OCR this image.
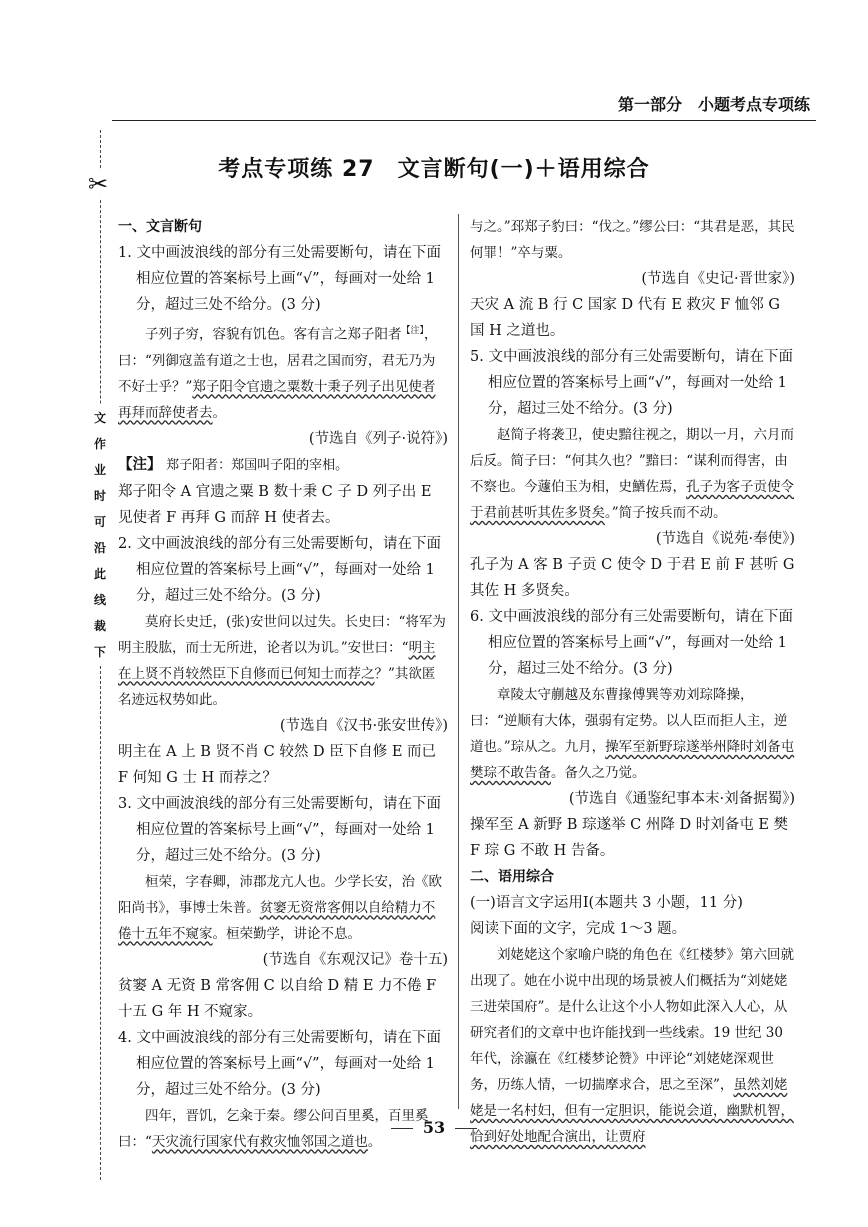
第一部分　小题考点专项练
考点专项练 27　文言断句(一)＋语用综合
✂
文
作
业
时
可
沿
此
线
裁
下

一、文言断句

1. 文中画波浪线的部分有三处需要断句，请在下面相应位置的答案标号上画“√”，每画对一处给 1 分，超过三处不给分。(3 分)

子列子穷，容貌有饥色。客有言之郑子阳者$^{【注】}$，曰：“列御寇盖有道之士也，居君之国而穷，君无乃为不好士乎？”郑子阳令官遗之粟数十秉子列子出见使者再拜而辞使者去。

(节选自《列子·说符》)

【注】 郑子阳者：郑国叫子阳的宰相。

郑子阳令 A 官遗之粟 B 数十秉 C 子 D 列子出 E 见使者 F 再拜 G 而辞 H 使者去。

2. 文中画波浪线的部分有三处需要断句，请在下面相应位置的答案标号上画“√”，每画对一处给 1 分，超过三处不给分。(3 分)

莫府长史迁，(张)安世问以过失。长史曰：“将军为明主股肱，而士无所进，论者以为讥。”安世曰：“明主在上贤不肖较然臣下自修而已何知士而荐之？”其欲匿名迹远权势如此。

(节选自《汉书·张安世传》)

明主在 A 上 B 贤不肖 C 较然 D 臣下自修 E 而已 F 何知 G 士 H 而荐之？

3. 文中画波浪线的部分有三处需要断句，请在下面相应位置的答案标号上画“√”，每画对一处给 1 分，超过三处不给分。(3 分)

桓荣，字春卿，沛郡龙亢人也。少学长安，治《欧阳尚书》，事博士朱普。贫窭无资常客佣以自给精力不倦十五年不窥家。桓荣勤学，讲论不息。

(节选自《东观汉记》卷十五)

贫窭 A 无资 B 常客佣 C 以自给 D 精 E 力不倦 F 十五 G 年 H 不窥家。

4. 文中画波浪线的部分有三处需要断句，请在下面相应位置的答案标号上画“√”，每画对一处给 1 分，超过三处不给分。(3 分)

四年，晋饥，乞籴于秦。缪公问百里奚，百里奚曰：“天灾流行国家代有救灾恤邻国之道也。

与之。”邳郑子豹曰：“伐之。”缪公曰：“其君是恶，其民何罪！”卒与粟。

(节选自《史记·晋世家》)

天灾 A 流 B 行 C 国家 D 代有 E 救灾 F 恤邻 G 国 H 之道也。

5. 文中画波浪线的部分有三处需要断句，请在下面相应位置的答案标号上画“√”，每画对一处给 1 分，超过三处不给分。(3 分)

赵简子将袭卫，使史黯往视之，期以一月，六月而后反。简子曰：“何其久也？”黯曰：“谋利而得害，由不察也。今蘧伯玉为相，史鰌佐焉，孔子为客子贡使令于君前甚听其佐多贤矣。”简子按兵而不动。

(节选自《说苑·奉使》)

孔子为 A 客 B 子贡 C 使令 D 于君 E 前 F 甚听 G 其佐 H 多贤矣。

6. 文中画波浪线的部分有三处需要断句，请在下面相应位置的答案标号上画“√”，每画对一处给 1 分，超过三处不给分。(3 分)

章陵太守蒯越及东曹掾傅巽等劝刘琮降操，曰：“逆顺有大体，强弱有定势。以人臣而拒人主，逆道也。”琮从之。九月，操军至新野琮遂举州降时刘备屯樊琮不敢告备。备久之乃觉。

(节选自《通鉴纪事本末·刘备据蜀》)

操军至 A 新野 B 琮遂举 C 州降 D 时刘备屯 E 樊 F 琮 G 不敢 H 告备。

二、语用综合

(一)语言文字运用Ⅰ(本题共 3 小题，11 分)

阅读下面的文字，完成 1～3 题。

刘姥姥这个家喻户晓的角色在《红楼梦》第六回就出现了。她在小说中出现的场景被人们概括为“刘姥姥三进荣国府”。是什么让这个小人物如此深入人心，从研究者们的文章中也许能找到一些线索。19 世纪 30 年代，涂瀛在《红楼梦论赞》中评论“刘姥姥深观世务，历练人情，一切揣摩求合，思之至深”，虽然刘姥姥是一名村妇，但有一定胆识，能说会道，幽默机智，恰到好处地配合演出，让贾府

53
